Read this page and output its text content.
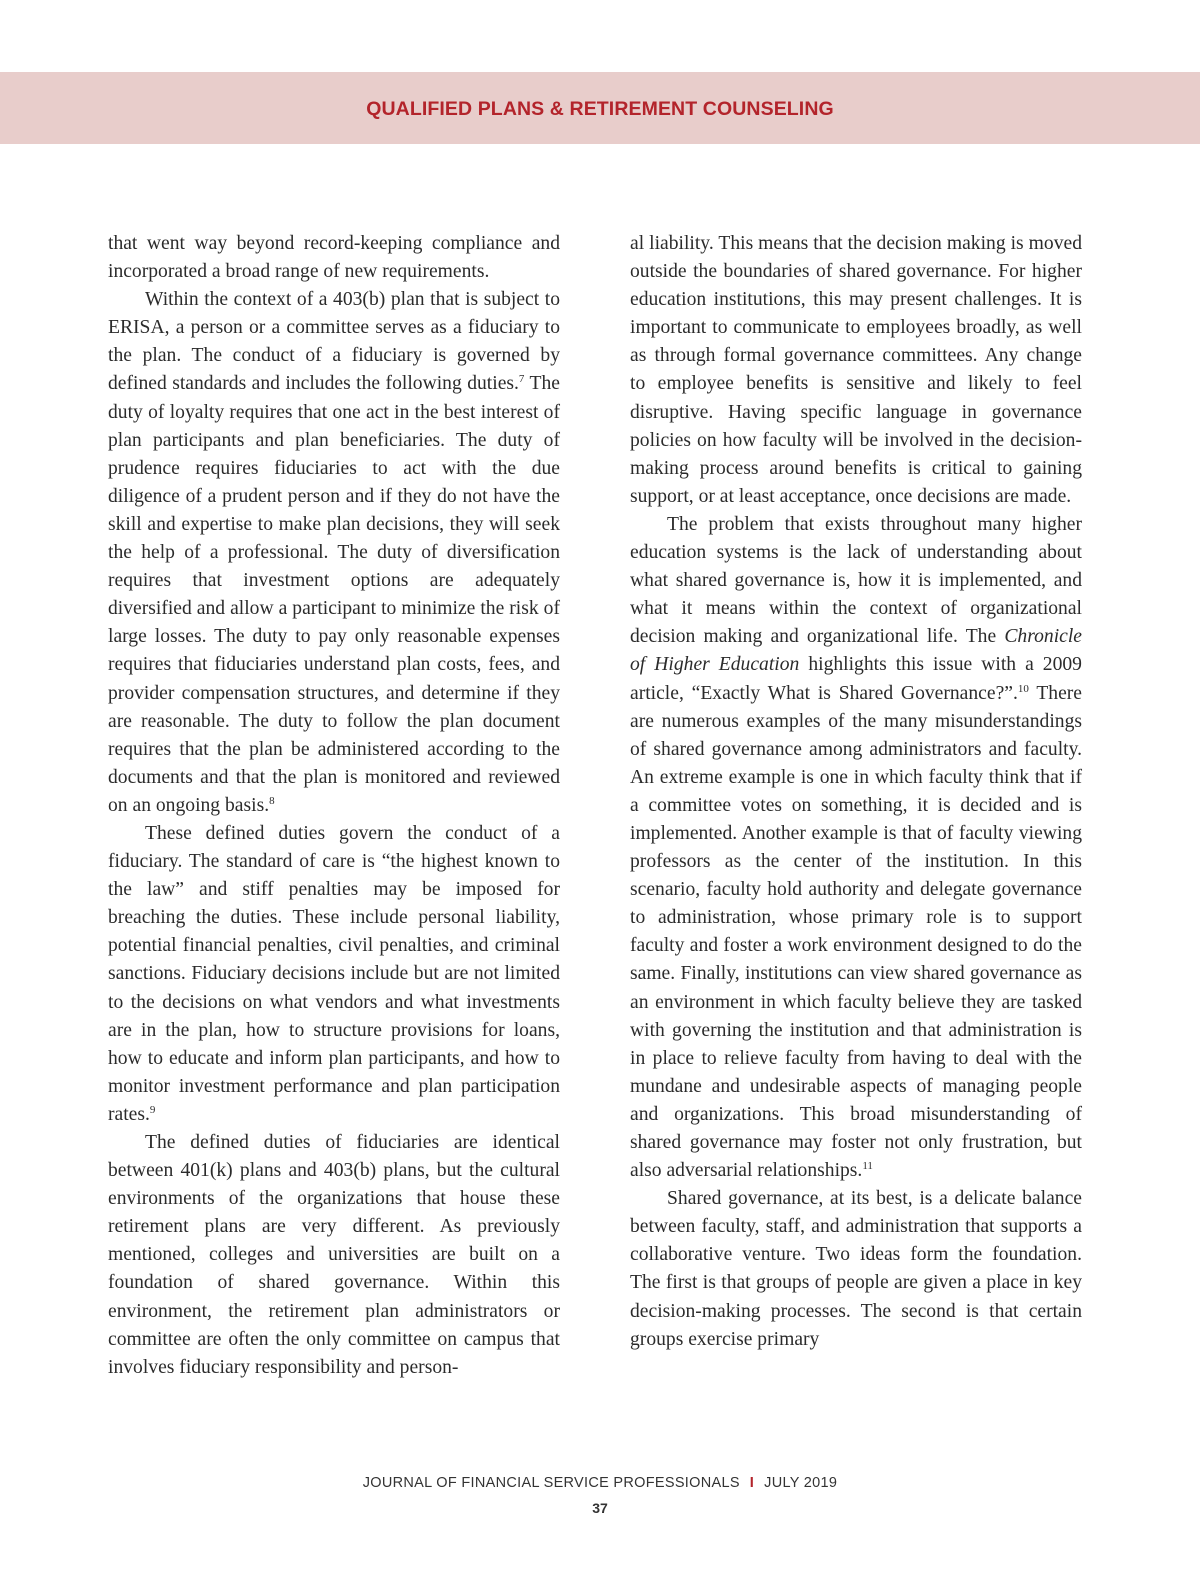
QUALIFIED PLANS & RETIREMENT COUNSELING

that went way beyond record-keeping compliance and incorporated a broad range of new requirements.

Within the context of a 403(b) plan that is subject to ERISA, a person or a committee serves as a fiduciary to the plan. The conduct of a fiduciary is governed by defined standards and includes the following duties.$^7$ The duty of loyalty requires that one act in the best interest of plan participants and plan beneficiaries. The duty of prudence requires fiduciaries to act with the due diligence of a prudent person and if they do not have the skill and expertise to make plan decisions, they will seek the help of a professional. The duty of diversification requires that investment options are adequately diversified and allow a participant to minimize the risk of large losses. The duty to pay only reasonable expenses requires that fiduciaries understand plan costs, fees, and provider compensation structures, and determine if they are reasonable. The duty to follow the plan document requires that the plan be administered according to the documents and that the plan is monitored and reviewed on an ongoing basis.$^8$

These defined duties govern the conduct of a fiduciary. The standard of care is “the highest known to the law” and stiff penalties may be imposed for breaching the duties. These include personal liability, potential financial penalties, civil penalties, and criminal sanctions. Fiduciary decisions include but are not limited to the decisions on what vendors and what investments are in the plan, how to structure provisions for loans, how to educate and inform plan participants, and how to monitor investment performance and plan participation rates.$^9$

The defined duties of fiduciaries are identical between 401(k) plans and 403(b) plans, but the cultural environments of the organizations that house these retirement plans are very different. As previously mentioned, colleges and universities are built on a foundation of shared governance. Within this environment, the retirement plan administrators or committee are often the only committee on campus that involves fiduciary responsibility and person-

al liability. This means that the decision making is moved outside the boundaries of shared governance. For higher education institutions, this may present challenges. It is important to communicate to employees broadly, as well as through formal governance committees. Any change to employee benefits is sensitive and likely to feel disruptive. Having specific language in governance policies on how faculty will be involved in the decision-making process around benefits is critical to gaining support, or at least acceptance, once decisions are made.

The problem that exists throughout many higher education systems is the lack of understanding about what shared governance is, how it is implemented, and what it means within the context of organizational decision making and organizational life. The Chronicle of Higher Education highlights this issue with a 2009 article, “Exactly What is Shared Governance?”.$^{10}$ There are numerous examples of the many misunderstandings of shared governance among administrators and faculty. An extreme example is one in which faculty think that if a committee votes on something, it is decided and is implemented. Another example is that of faculty viewing professors as the center of the institution. In this scenario, faculty hold authority and delegate governance to administration, whose primary role is to support faculty and foster a work environment designed to do the same. Finally, institutions can view shared governance as an environment in which faculty believe they are tasked with governing the institution and that administration is in place to relieve faculty from having to deal with the mundane and undesirable aspects of managing people and organizations. This broad misunderstanding of shared governance may foster not only frustration, but also adversarial relationships.$^{11}$

Shared governance, at its best, is a delicate balance between faculty, staff, and administration that supports a collaborative venture. Two ideas form the foundation. The first is that groups of people are given a place in key decision-making processes. The second is that certain groups exercise primary

JOURNAL OF FINANCIAL SERVICE PROFESSIONALS I JULY 2019
37
